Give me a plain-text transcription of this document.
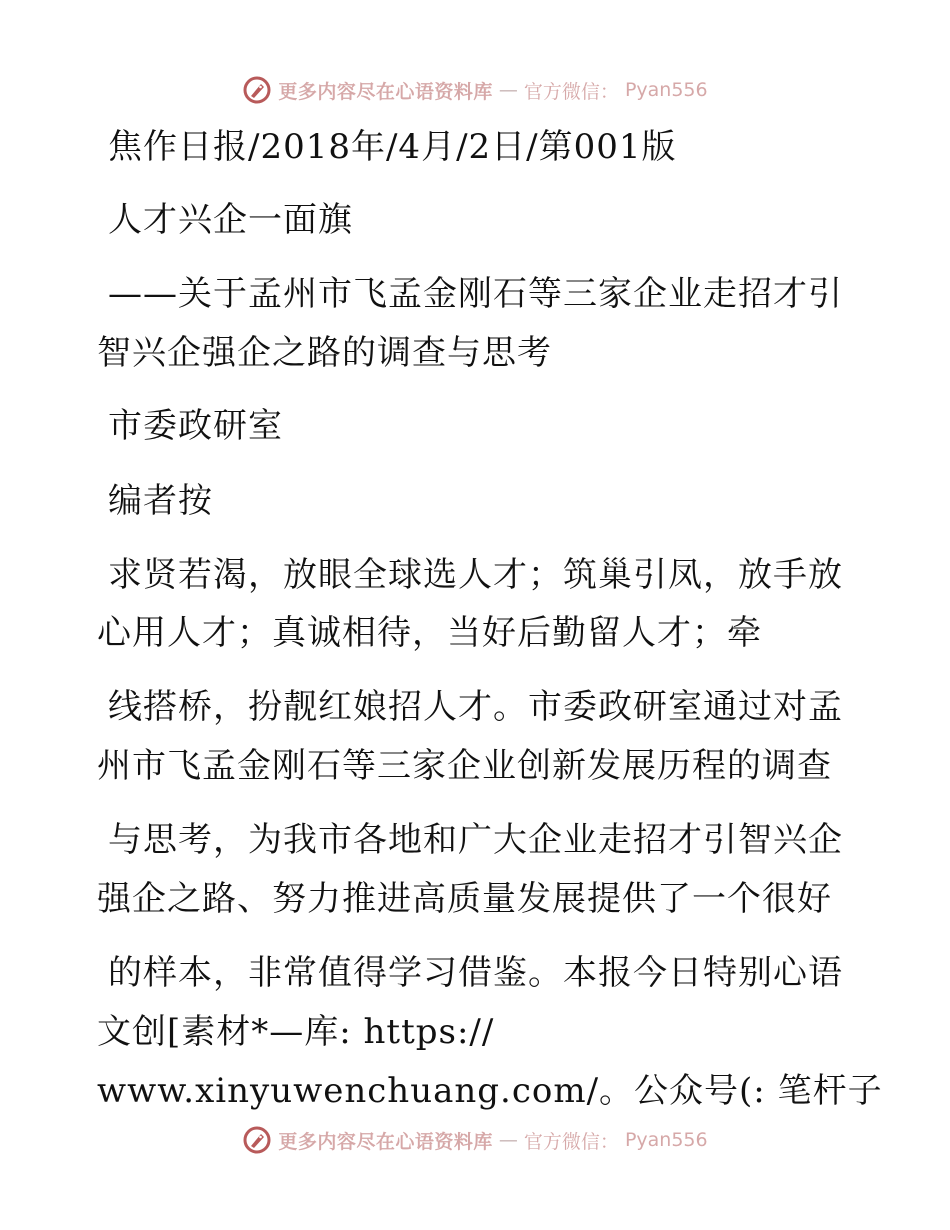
更多内容尽在心语资料库 — 官方微信： Pyan556
焦作日报/2018年/4月/2日/第001版
人才兴企一面旗
——关于孟州市飞孟金刚石等三家企业走招才引
智兴企强企之路的调查与思考
市委政研室
编者按
求贤若渴，放眼全球选人才；筑巢引凤，放手放
心用人才；真诚相待，当好后勤留人才；牵
线搭桥，扮靓红娘招人才。市委政研室通过对孟
州市飞孟金刚石等三家企业创新发展历程的调查
与思考，为我市各地和广大企业走招才引智兴企
强企之路、努力推进高质量发展提供了一个很好
的样本，非常值得学习借鉴。本报今日特别心语
文创[素材*—库: https://
www.xinyuwenchuang.com/。公众号(: 笔杆子
更多内容尽在心语资料库 — 官方微信： Pyan556
